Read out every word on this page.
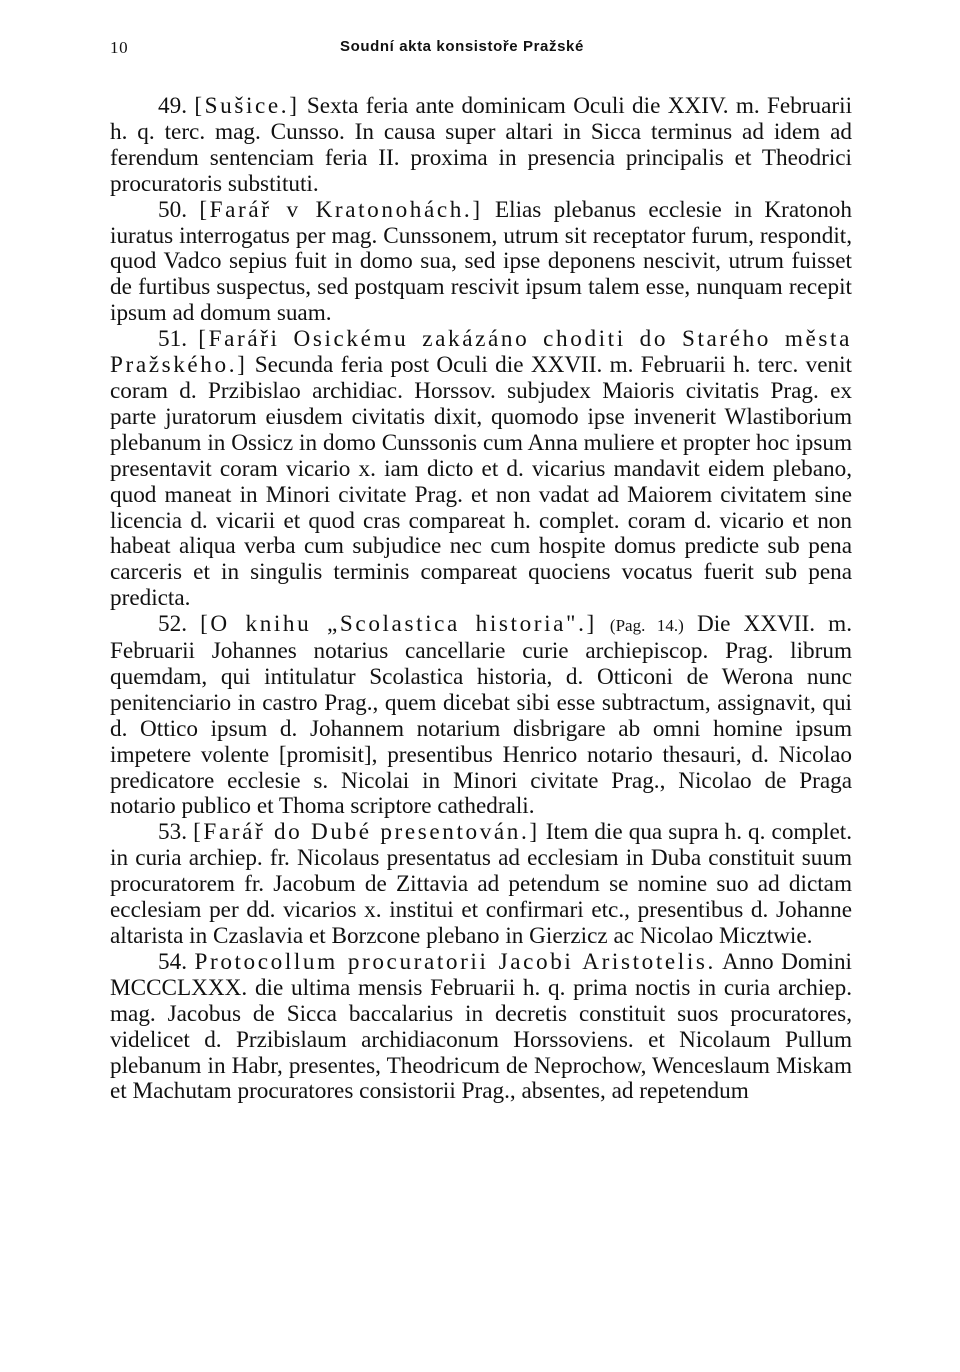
10	Soudní akta konsistoře Pražské

49. [Sušice.] Sexta feria ante dominicam Oculi die XXIV. m. Februarii h. q. terc. mag. Cunsso. In causa super altari in Sicca terminus ad idem ad ferendum sentenciam feria II. proxima in presencia principalis et Theodrici procuratoris substituti.

50. [Farář v Kratonohách.] Elias plebanus ecclesie in Kratonoh iuratus interrogatus per mag. Cunssonem, utrum sit receptator furum, respondit, quod Vadco sepius fuit in domo sua, sed ipse deponens nescivit, utrum fuisset de furtibus suspectus, sed postquam rescivit ipsum talem esse, nunquam recepit ipsum ad domum suam.

51. [Faráři Osickému zakázáno choditi do Starého města Pražského.] Secunda feria post Oculi die XXVII. m. Februarii h. terc. venit coram d. Przibislao archidiac. Horssov. subjudex Maioris civitatis Prag. ex parte juratorum eiusdem civitatis dixit, quomodo ipse invenerit Wlastiborium plebanum in Ossicz in domo Cunssonis cum Anna muliere et propter hoc ipsum presentavit coram vicario x. iam dicto et d. vicarius mandavit eidem plebano, quod maneat in Minori civitate Prag. et non vadat ad Maiorem civitatem sine licencia d. vicarii et quod cras compareat h. complet. coram d. vicario et non habeat aliqua verba cum subjudice nec cum hospite domus predicte sub pena carceris et in singulis terminis compareat quociens vocatus fuerit sub pena predicta.

52. [O knihu „Scolastica historia".] (Pag. 14.) Die XXVII. m. Februarii Johannes notarius cancellarie curie archiepiscop. Prag. librum quemdam, qui intitulatur Scolastica historia, d. Otticoni de Werona nunc penitenciario in castro Prag., quem dicebat sibi esse subtractum, assignavit, qui d. Ottico ipsum d. Johannem notarium disbrigare ab omni homine ipsum impetere volente [promisit], presentibus Henrico notario thesauri, d. Nicolao predicatore ecclesie s. Nicolai in Minori civitate Prag., Nicolao de Praga notario publico et Thoma scriptore cathedrali.

53. [Farář do Dubé presentován.] Item die qua supra h. q. complet. in curia archiep. fr. Nicolaus presentatus ad ecclesiam in Duba constituit suum procuratorem fr. Jacobum de Zittavia ad petendum se nomine suo ad dictam ecclesiam per dd. vicarios x. institui et confirmari etc., presentibus d. Johanne altarista in Czaslavia et Borzcone plebano in Gierzicz ac Nicolao Micztwie.

54. Protocollum procuratorii Jacobi Aristotelis. Anno Domini MCCCLXXX. die ultima mensis Februarii h. q. prima noctis in curia archiep. mag. Jacobus de Sicca baccalarius in decretis constituit suos procuratores, videlicet d. Przibislaum archidiaconum Horssoviens. et Nicolaum Pullum plebanum in Habr, presentes, Theodricum de Neprochow, Wenceslaum Miskam et Machutam procuratores consistorii Prag., absentes, ad repetendum
